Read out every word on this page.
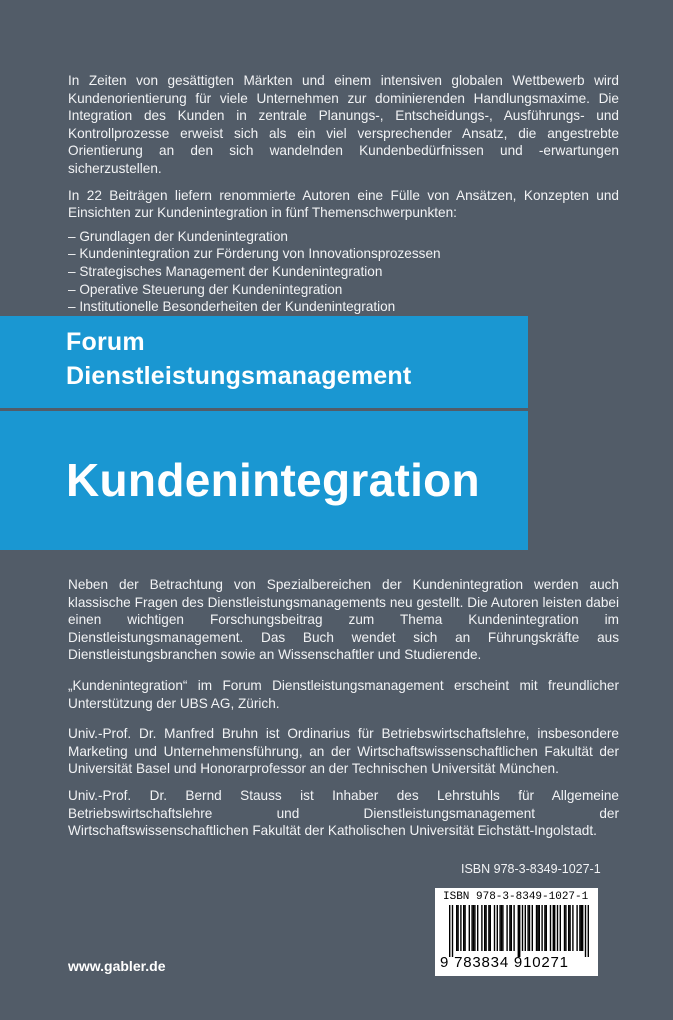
In Zeiten von gesättigten Märkten und einem intensiven globalen Wettbewerb wird Kundenorientierung für viele Unternehmen zur dominierenden Handlungsmaxime. Die Integration des Kunden in zentrale Planungs-, Entscheidungs-, Ausführungs- und Kontrollprozesse erweist sich als ein viel versprechender Ansatz, die angestrebte Orientierung an den sich wandelnden Kundenbedürfnissen und -erwartungen sicherzustellen.

In 22 Beiträgen liefern renommierte Autoren eine Fülle von Ansätzen, Konzepten und Einsichten zur Kundenintegration in fünf Themenschwerpunkten:

– Grundlagen der Kundenintegration
– Kundenintegration zur Förderung von Innovationsprozessen
– Strategisches Management der Kundenintegration
– Operative Steuerung der Kundenintegration
– Institutionelle Besonderheiten der Kundenintegration
Forum
Dienstleistungsmanagement
Kundenintegration

Neben der Betrachtung von Spezialbereichen der Kundenintegration werden auch klassische Fragen des Dienstleistungsmanagements neu gestellt. Die Autoren leisten dabei einen wichtigen Forschungsbeitrag zum Thema Kundenintegration im Dienstleistungsmanagement. Das Buch wendet sich an Führungskräfte aus Dienstleistungsbranchen sowie an Wissenschaftler und Studierende.

„Kundenintegration“ im Forum Dienstleistungsmanagement erscheint mit freundlicher Unterstützung der UBS AG, Zürich.

Univ.-Prof. Dr. Manfred Bruhn ist Ordinarius für Betriebswirtschaftslehre, insbesondere Marketing und Unternehmensführung, an der Wirtschaftswissenschaftlichen Fakultät der Universität Basel und Honorarprofessor an der Technischen Universität München.

Univ.-Prof. Dr. Bernd Stauss ist Inhaber des Lehrstuhls für Allgemeine Betriebswirtschaftslehre und Dienstleistungsmanagement der Wirtschaftswissenschaftlichen Fakultät der Katholischen Universität Eichstätt-Ingolstadt.

ISBN 978-3-8349-1027-1
ISBN 978-3-8349-1027-1
9 783834 910271
www.gabler.de
